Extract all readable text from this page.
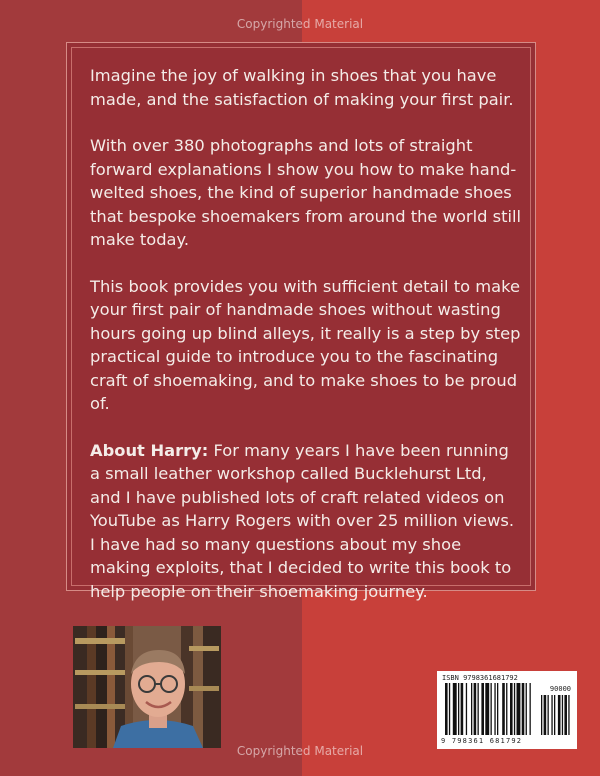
Copyrighted Material

Imagine the joy of walking in shoes that you have made, and the satisfaction of making your first pair.

With over 380 photographs and lots of straight forward explanations I show you how to make hand-welted shoes, the kind of superior handmade shoes that bespoke shoemakers from around the world still make today.

This book provides you with sufficient detail to make your first pair of handmade shoes without wasting hours going up blind alleys, it really is a step by step practical guide to introduce you to the fascinating craft of shoemaking, and to make shoes to be proud of.

About Harry: For many years I have been running a small leather workshop called Bucklehurst Ltd, and I have published lots of craft related videos on YouTube as Harry Rogers with over 25 million views. I have had so many questions about my shoe making exploits, that I decided to write this book to help people on their shoemaking journey.

ISBN 9798361681792
90000
9 798361 681792
Copyrighted Material
